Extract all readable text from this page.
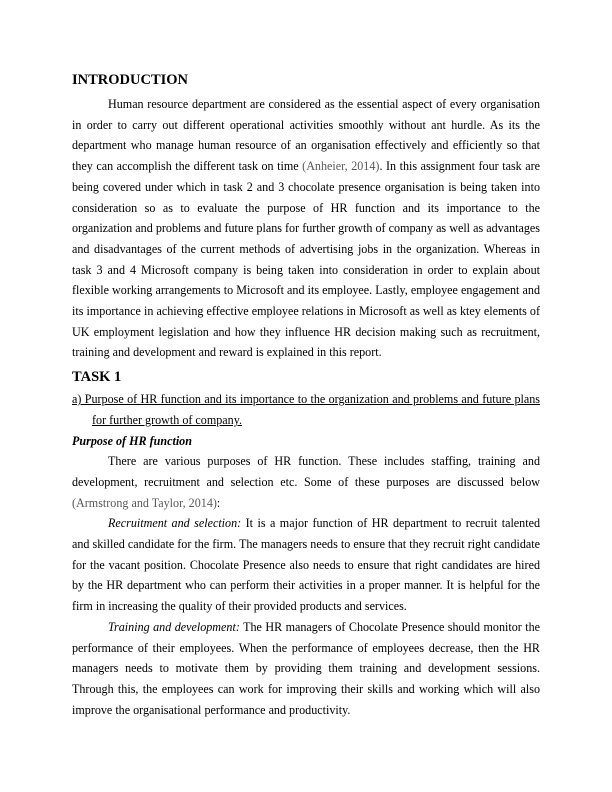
INTRODUCTION

Human resource department are considered as the essential aspect of every organisation in order to carry out different operational activities smoothly without ant hurdle. As its the department who manage human resource of an organisation effectively and efficiently so that they can accomplish the different task on time (Anheier, 2014). In this assignment four task are being covered under which in task 2 and 3 chocolate presence organisation is being taken into consideration so as to evaluate the purpose of HR function and its importance to the organization and problems and future plans for further growth of company as well as advantages and disadvantages of the current methods of advertising jobs in the organization. Whereas in task 3 and 4 Microsoft company is being taken into consideration in order to explain about flexible working arrangements to Microsoft and its employee. Lastly, employee engagement and its importance in achieving effective employee relations in Microsoft as well as ktey elements of UK employment legislation and how they influence HR decision making such as recruitment, training and development and reward is explained in this report.

TASK 1

a) Purpose of HR function and its importance to the organization and problems and future plans for further growth of company.

Purpose of HR function

There are various purposes of HR function. These includes staffing, training and development, recruitment and selection etc. Some of these purposes are discussed below (Armstrong and Taylor, 2014):

Recruitment and selection: It is a major function of HR department to recruit talented and skilled candidate for the firm. The managers needs to ensure that they recruit right candidate for the vacant position. Chocolate Presence also needs to ensure that right candidates are hired by the HR department who can perform their activities in a proper manner. It is helpful for the firm in increasing the quality of their provided products and services.

Training and development: The HR managers of Chocolate Presence should monitor the performance of their employees. When the performance of employees decrease, then the HR managers needs to motivate them by providing them training and development sessions. Through this, the employees can work for improving their skills and working which will also improve the organisational performance and productivity.
